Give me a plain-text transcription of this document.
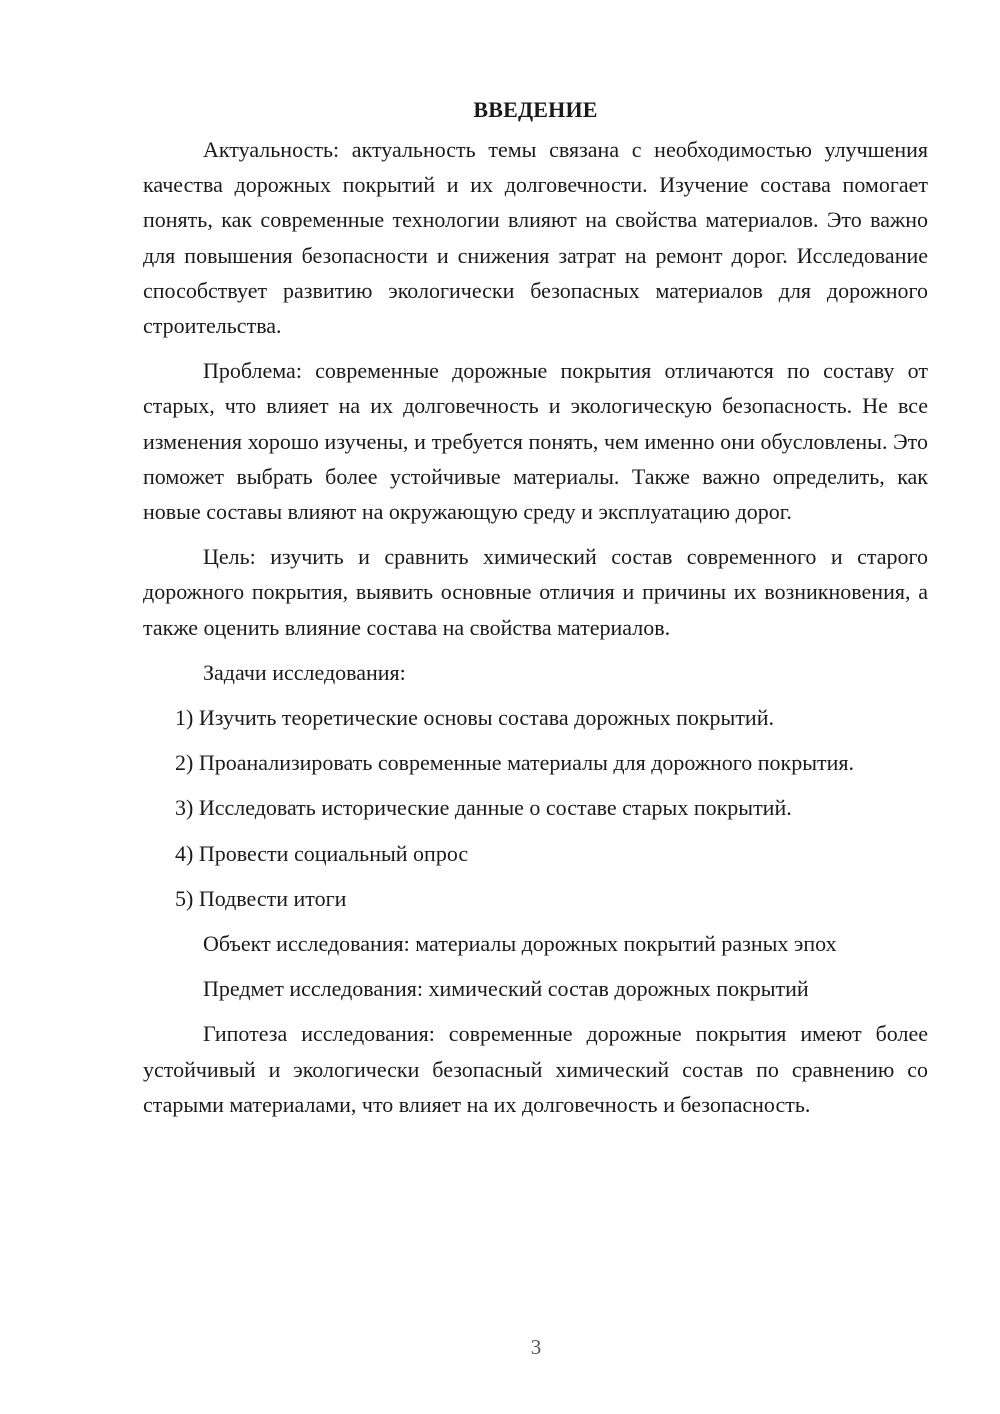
ВВЕДЕНИЕ

Актуальность: актуальность темы связана с необходимостью улучшения качества дорожных покрытий и их долговечности. Изучение состава помогает понять, как современные технологии влияют на свойства материалов. Это важно для повышения безопасности и снижения затрат на ремонт дорог. Исследование способствует развитию экологически безопасных материалов для дорожного строительства.

Проблема: современные дорожные покрытия отличаются по составу от старых, что влияет на их долговечность и экологическую безопасность. Не все изменения хорошо изучены, и требуется понять, чем именно они обусловлены. Это поможет выбрать более устойчивые материалы. Также важно определить, как новые составы влияют на окружающую среду и эксплуатацию дорог.

Цель: изучить и сравнить химический состав современного и старого дорожного покрытия, выявить основные отличия и причины их возникновения, а также оценить влияние состава на свойства материалов.

Задачи исследования:

1) Изучить теоретические основы состава дорожных покрытий.

2) Проанализировать современные материалы для дорожного покрытия.

3) Исследовать исторические данные о составе старых покрытий.

4) Провести социальный опрос

5) Подвести итоги

Объект исследования: материалы дорожных покрытий разных эпох

Предмет исследования: химический состав дорожных покрытий

Гипотеза исследования: современные дорожные покрытия имеют более устойчивый и экологически безопасный химический состав по сравнению со старыми материалами, что влияет на их долговечность и безопасность.

3
